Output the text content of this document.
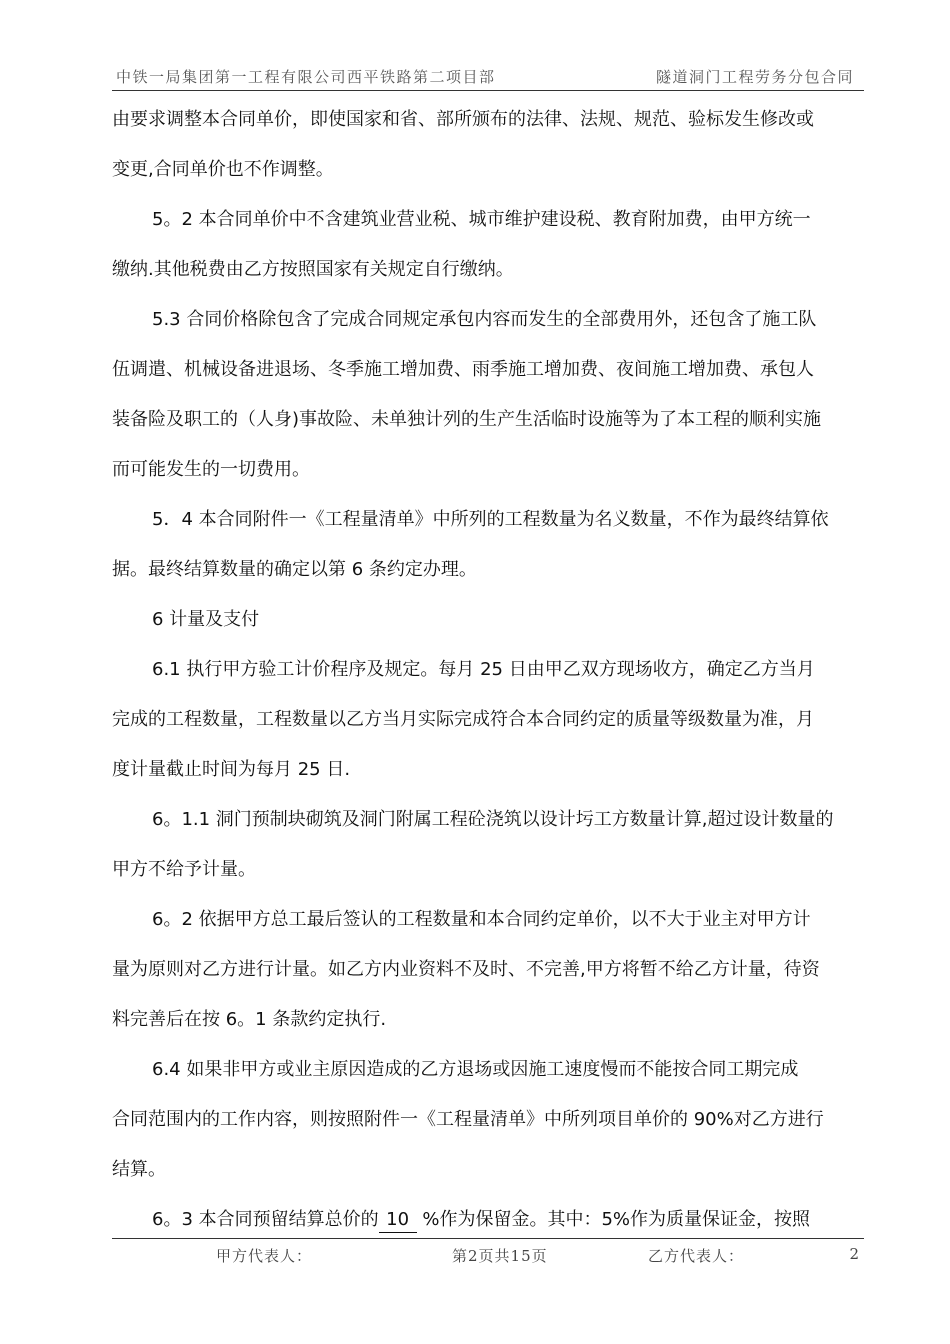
中铁一局集团第一工程有限公司西平铁路第二项目部	隧道洞门工程劳务分包合同
由要求调整本合同单价，即使国家和省、部所颁布的法律、法规、规范、验标发生修改或
变更,合同单价也不作调整。
5。2 本合同单价中不含建筑业营业税、城市维护建设税、教育附加费，由甲方统一
缴纳.其他税费由乙方按照国家有关规定自行缴纳。
5.3 合同价格除包含了完成合同规定承包内容而发生的全部费用外，还包含了施工队
伍调遣、机械设备进退场、冬季施工增加费、雨季施工增加费、夜间施工增加费、承包人
装备险及职工的（人身)事故险、未单独计列的生产生活临时设施等为了本工程的顺利实施
而可能发生的一切费用。
5．4 本合同附件一《工程量清单》中所列的工程数量为名义数量，不作为最终结算依
据。最终结算数量的确定以第 6 条约定办理。
6 计量及支付
6.1 执行甲方验工计价程序及规定。每月 25 日由甲乙双方现场收方，确定乙方当月
完成的工程数量，工程数量以乙方当月实际完成符合本合同约定的质量等级数量为准，月
度计量截止时间为每月 25 日.
6。1.1 洞门预制块砌筑及洞门附属工程砼浇筑以设计圬工方数量计算,超过设计数量的
甲方不给予计量。
6。2 依据甲方总工最后签认的工程数量和本合同约定单价，以不大于业主对甲方计
量为原则对乙方进行计量。如乙方内业资料不及时、不完善,甲方将暂不给乙方计量，待资
料完善后在按 6。1 条款约定执行.
6.4 如果非甲方或业主原因造成的乙方退场或因施工速度慢而不能按合同工期完成
合同范围内的工作内容，则按照附件一《工程量清单》中所列项目单价的 90%对乙方进行
结算。
6。3 本合同预留结算总价的 10 %作为保留金。其中：5%作为质量保证金，按照
甲方代表人：	第2页共15页	乙方代表人：	2
